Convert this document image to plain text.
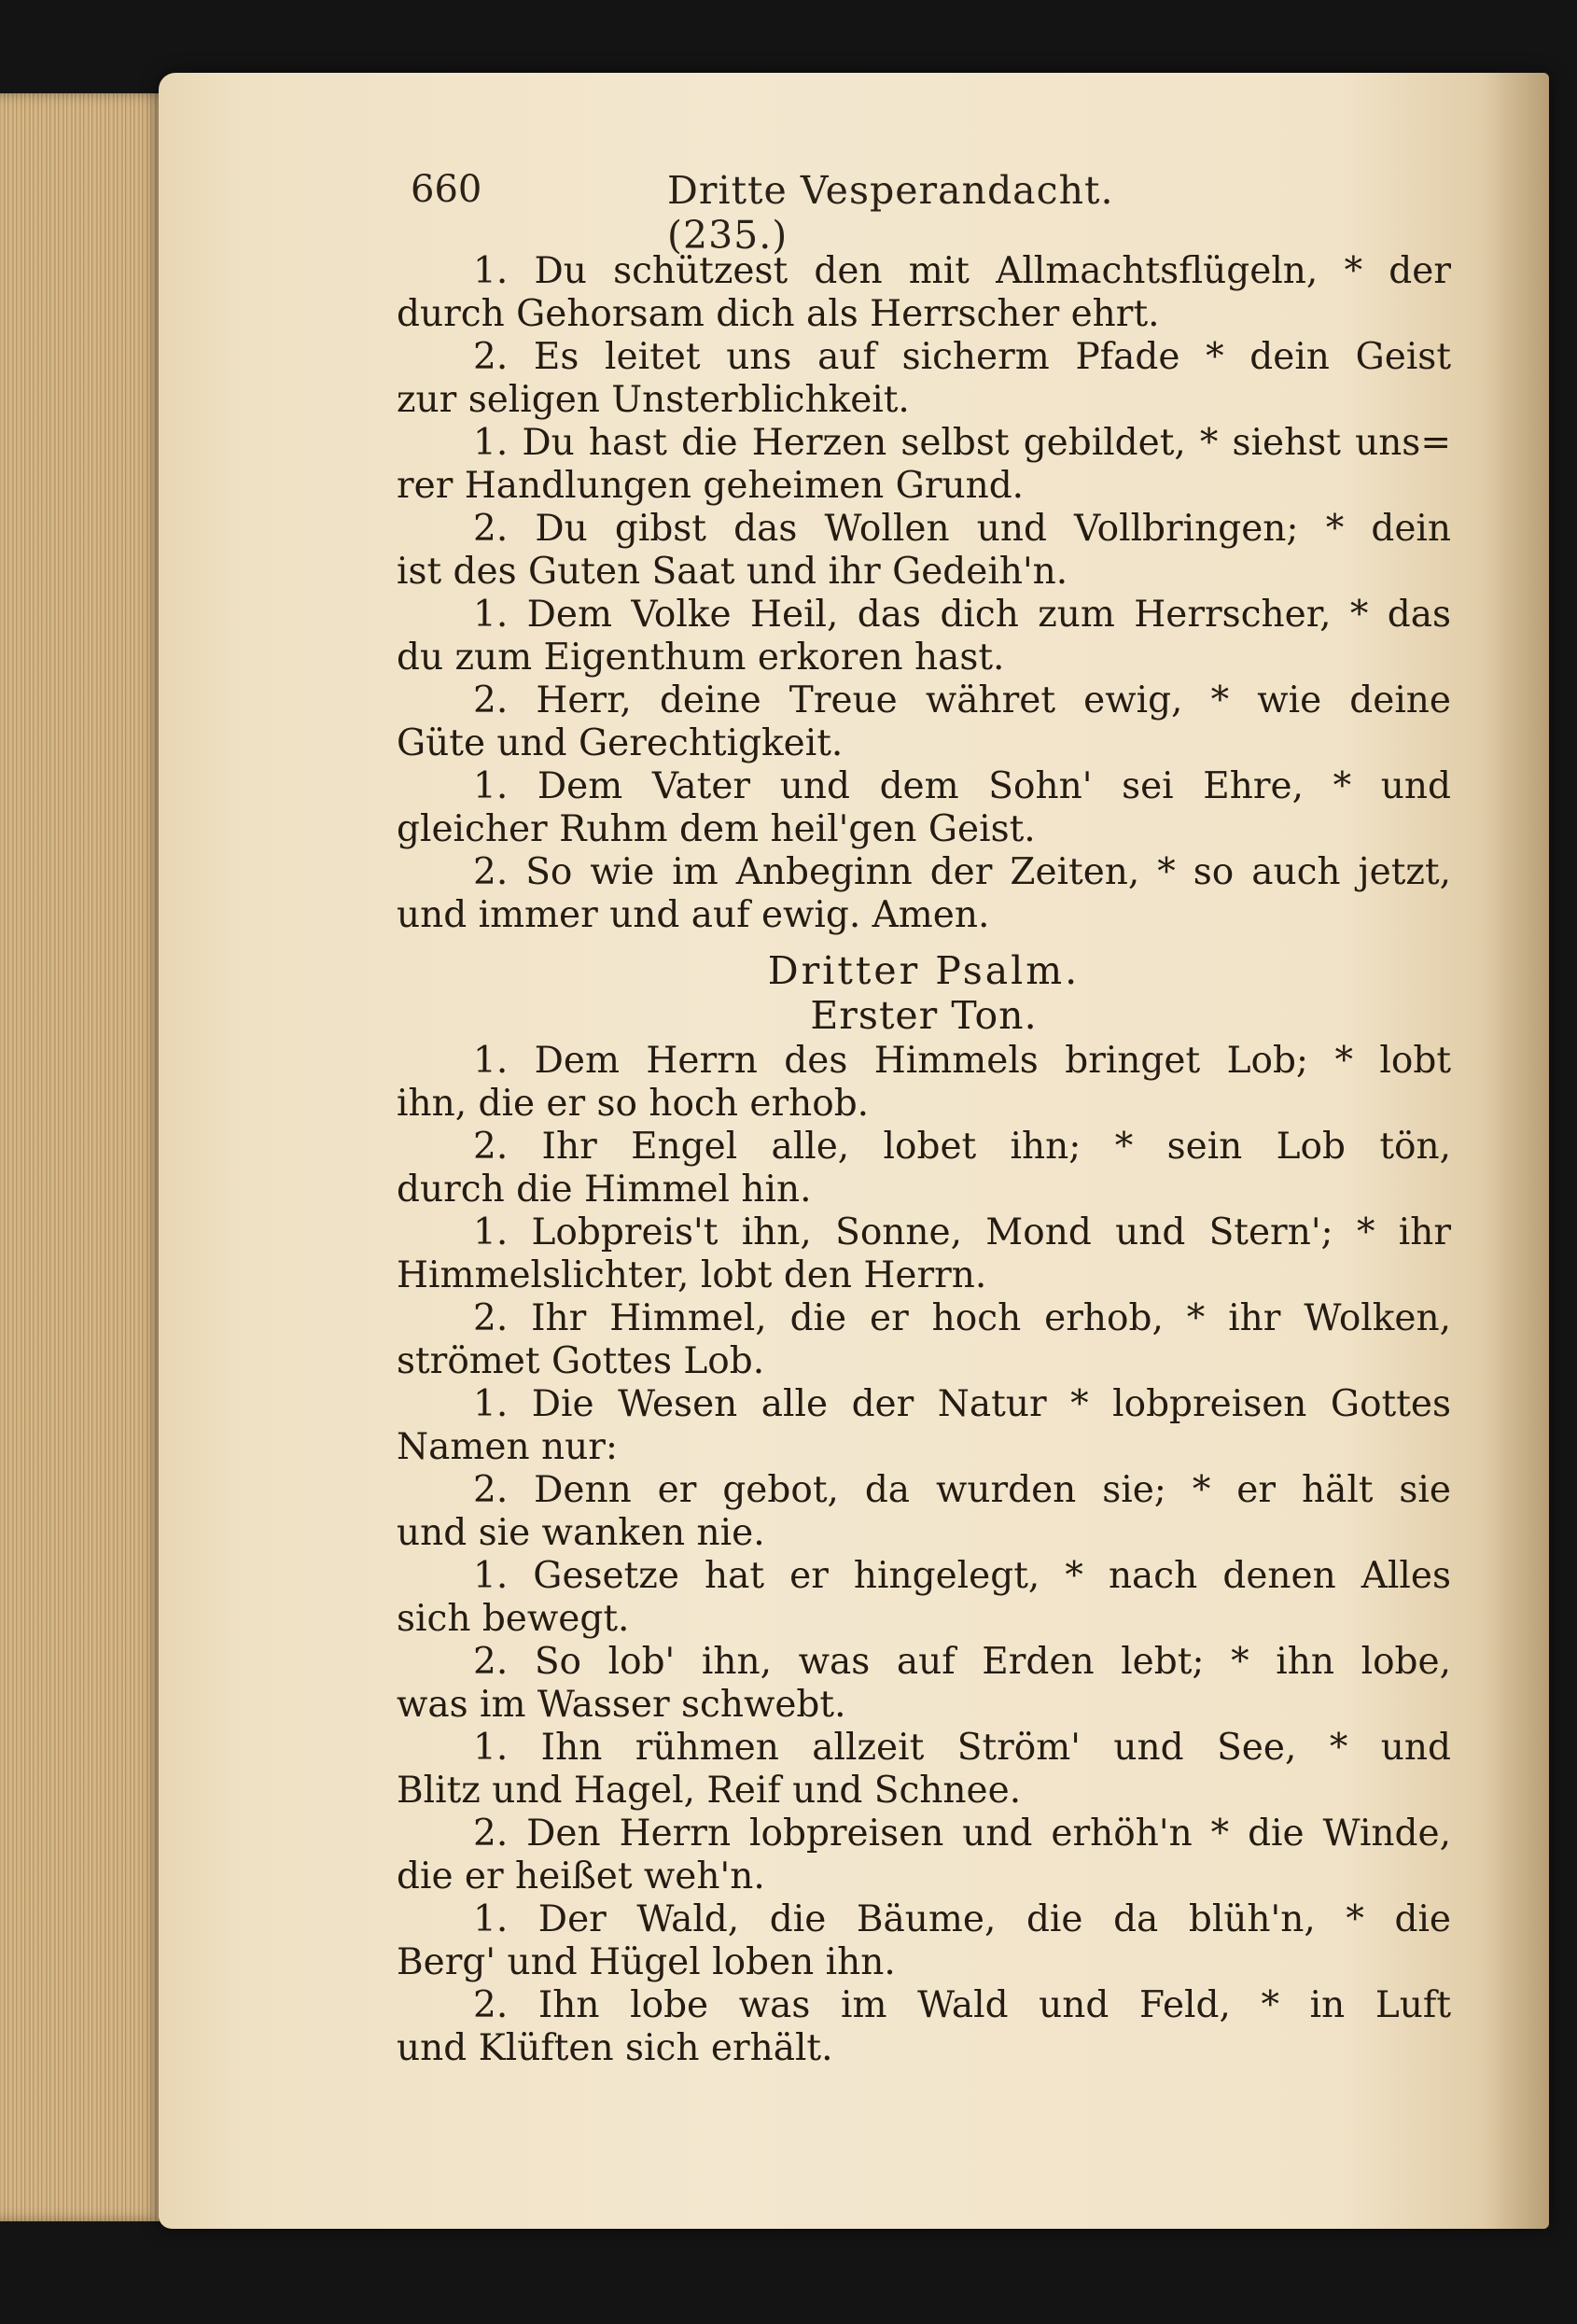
660	Dritte Vesperandacht. (235.)
1. Du schützest den mit Allmachtsflügeln, * der
durch Gehorsam dich als Herrscher ehrt.
2. Es leitet uns auf sicherm Pfade * dein Geist
zur seligen Unsterblichkeit.
1. Du hast die Herzen selbst gebildet, * siehst uns=
rer Handlungen geheimen Grund.
2. Du gibst das Wollen und Vollbringen; * dein
ist des Guten Saat und ihr Gedeih'n.
1. Dem Volke Heil, das dich zum Herrscher, * das
du zum Eigenthum erkoren hast.
2. Herr, deine Treue währet ewig, * wie deine
Güte und Gerechtigkeit.
1. Dem Vater und dem Sohn' sei Ehre, * und
gleicher Ruhm dem heil'gen Geist.
2. So wie im Anbeginn der Zeiten, * so auch jetzt,
und immer und auf ewig. Amen.
Dritter Psalm.
Erster Ton.
1. Dem Herrn des Himmels bringet Lob; * lobt
ihn, die er so hoch erhob.
2. Ihr Engel alle, lobet ihn; * sein Lob tön,
durch die Himmel hin.
1. Lobpreis't ihn, Sonne, Mond und Stern'; * ihr
Himmelslichter, lobt den Herrn.
2. Ihr Himmel, die er hoch erhob, * ihr Wolken,
strömet Gottes Lob.
1. Die Wesen alle der Natur * lobpreisen Gottes
Namen nur:
2. Denn er gebot, da wurden sie; * er hält sie
und sie wanken nie.
1. Gesetze hat er hingelegt, * nach denen Alles
sich bewegt.
2. So lob' ihn, was auf Erden lebt; * ihn lobe,
was im Wasser schwebt.
1. Ihn rühmen allzeit Ström' und See, * und
Blitz und Hagel, Reif und Schnee.
2. Den Herrn lobpreisen und erhöh'n * die Winde,
die er heißet weh'n.
1. Der Wald, die Bäume, die da blüh'n, * die
Berg' und Hügel loben ihn.
2. Ihn lobe was im Wald und Feld, * in Luft
und Klüften sich erhält.
